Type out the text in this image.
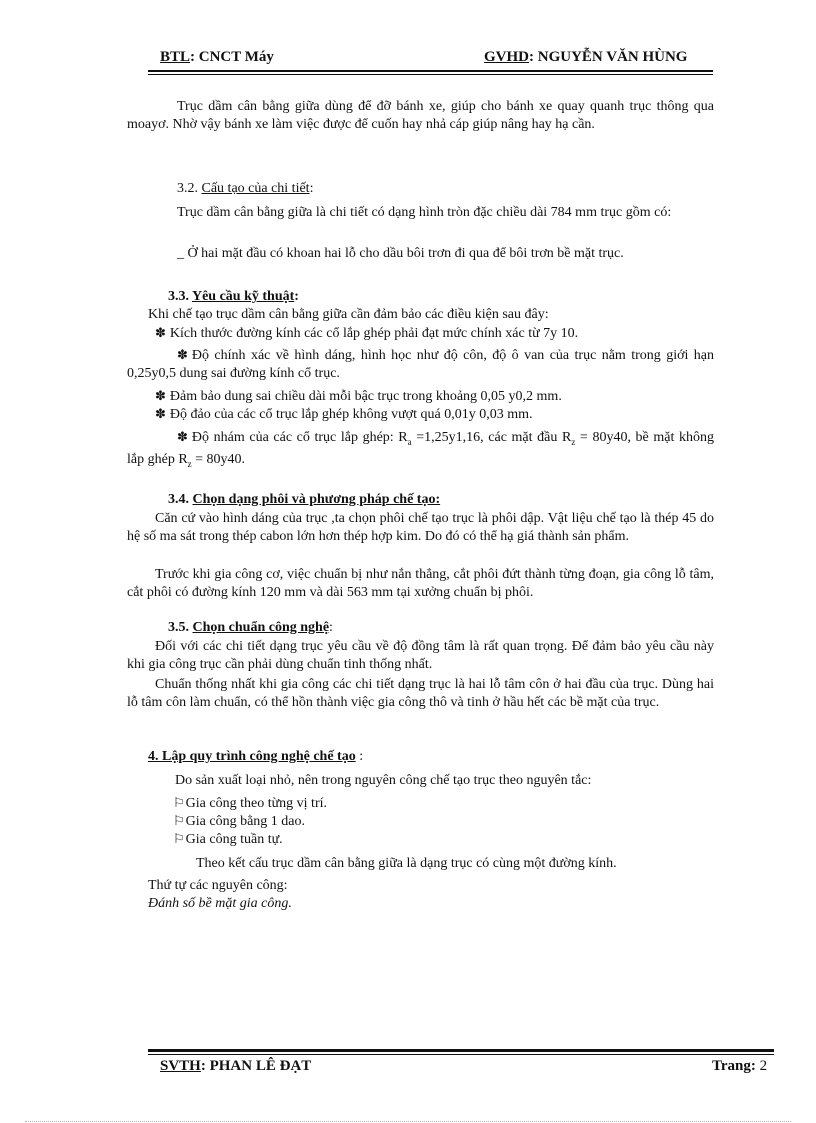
BTL: CNCT Máy	GVHD: NGUYỄN VĂN HÙNG
Trục dầm cân bằng giữa dùng để đỡ bánh xe, giúp cho bánh xe quay quanh trục thông qua moayơ. Nhờ vậy bánh xe làm việc được để cuốn hay nhả cáp giúp nâng hay hạ cần.
3.2. Cấu tạo của chi tiết:
Trục dầm cân bằng giữa là chi tiết có dạng hình tròn đặc chiều dài 784 mm trục gồm có:
_ Ở hai mặt đầu có khoan hai lỗ cho dầu bôi trơn đi qua để bôi trơn bề mặt trục.
3.3. Yêu cầu kỹ thuật:
Khi chế tạo trục dầm cân bằng giữa cần đảm bảo các điều kiện sau đây:
✽ Kích thước đường kính các cổ lắp ghép phải đạt mức chính xác từ 7y 10.
✽ Độ chính xác về hình dáng, hình học như độ côn, độ ô van của trục nằm trong giới hạn 0,25y0,5 dung sai đường kính cổ trục.
✽ Đảm bảo dung sai chiều dài mỗi bậc trục trong khoảng 0,05 y0,2 mm.
✽ Độ đảo của các cổ trục lắp ghép không vượt quá 0,01y 0,03 mm.
✽ Độ nhám của các cổ trục lắp ghép: $R_a =1,25y1,16$, các mặt đầu $R_z = 80y40$, bề mặt không lắp ghép $R_z = 80y40$.
3.4. Chọn dạng phôi và phương pháp chế tạo:
Căn cứ vào hình dáng của trục ,ta chọn phôi chế tạo trục là phôi dập. Vật liệu chế tạo là thép 45 do hệ số ma sát trong thép cabon lớn hơn thép hợp kim. Do đó có thể hạ giá thành sản phẩm.
Trước khi gia công cơ, việc chuẩn bị như nắn thẳng, cắt phôi đứt thành từng đoạn, gia công lỗ tâm, cắt phôi có đường kính 120 mm và dài 563 mm tại xưởng chuẩn bị phôi.
3.5. Chọn chuẩn công nghệ:
Đối với các chi tiết dạng trục yêu cầu về độ đồng tâm là rất quan trọng. Để đảm bảo yêu cầu này khi gia công trục cần phải dùng chuẩn tinh thống nhất.
Chuẩn thống nhất khi gia công các chi tiết dạng trục là hai lỗ tâm côn ở hai đầu của trục. Dùng hai lỗ tâm côn làm chuẩn, có thể hồn thành việc gia công thô và tinh ở hầu hết các bề mặt của trục.
4. Lập quy trình công nghệ chế tạo :
Do sản xuất loại nhỏ, nên trong nguyên công chế tạo trục theo nguyên tắc:
⚐Gia công theo từng vị trí.
⚐Gia công bằng 1 dao.
⚐Gia công tuần tự.
Theo kết cấu trục dầm cân bằng giữa là dạng trục có cùng một đường kính.
Thứ tự các nguyên công:
Đánh số bề mặt gia công.
SVTH: PHAN LÊ ĐẠT	Trang: 2
